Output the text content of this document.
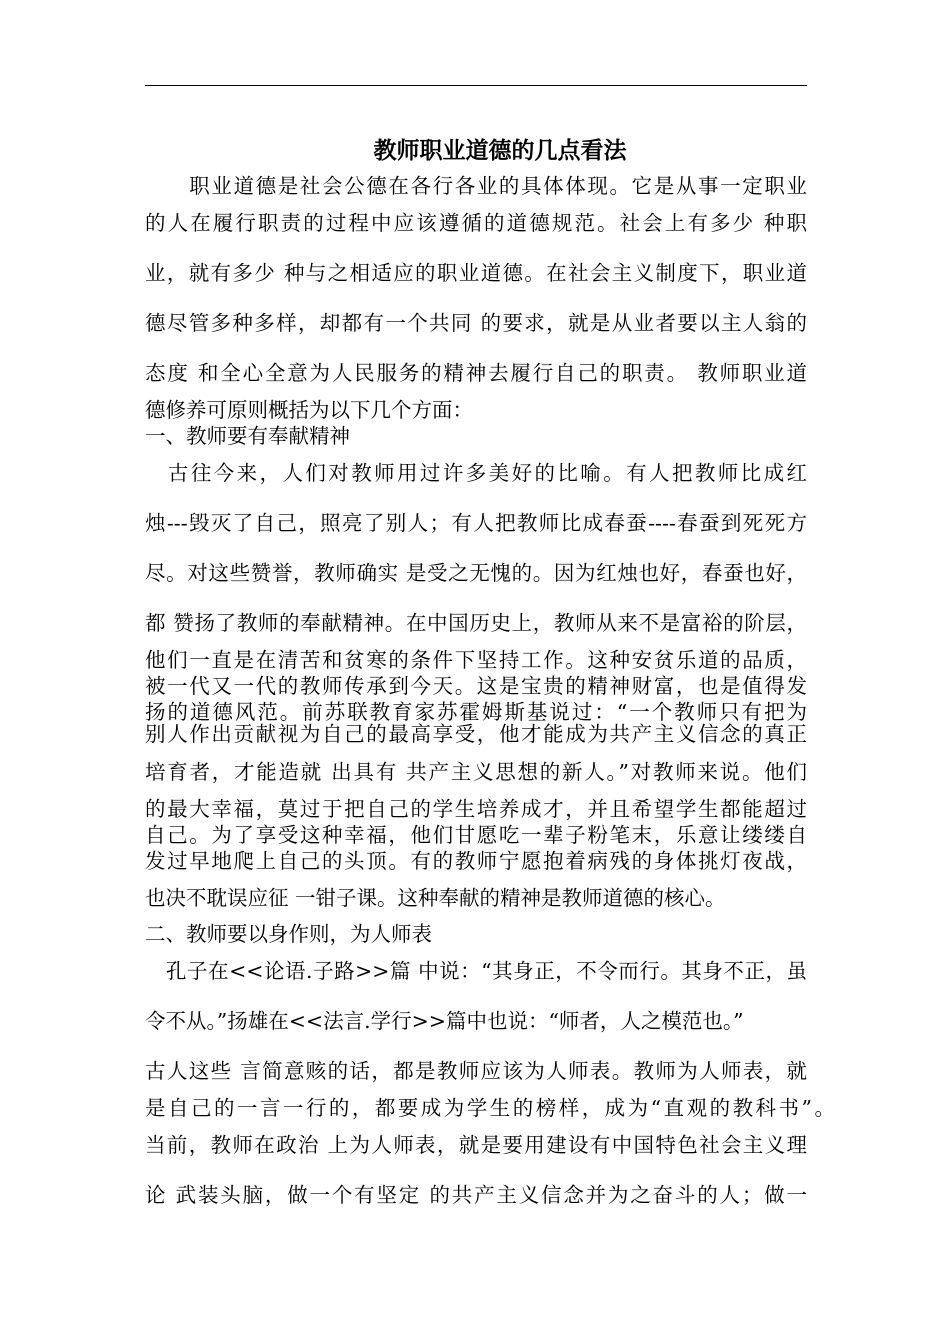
教师职业道德的几点看法
　　职业道德是社会公德在各行各业的具体体现。它是从事一定职业
的人在履行职责的过程中应该遵循的道德规范。社会上有多少 种职
业，就有多少 种与之相适应的职业道德。在社会主义制度下，职业道
德尽管多种多样，却都有一个共同 的要求，就是从业者要以主人翁的
态度 和全心全意为人民服务的精神去履行自己的职责。 教师职业道
德修养可原则概括为以下几个方面：
一、教师要有奉献精神
　古往今来，人们对教师用过许多美好的比喻。有人把教师比成红
烛---毁灭了自己，照亮了别人；有人把教师比成春蚕----春蚕到死死方
尽。对这些赞誉，教师确实 是受之无愧的。因为红烛也好，春蚕也好，
都 赞扬了教师的奉献精神。在中国历史上，教师从来不是富裕的阶层，
他们一直是在清苦和贫寒的条件下坚持工作。这种安贫乐道的品质，
被一代又一代的教师传承到今天。这是宝贵的精神财富，也是值得发
扬的道德风范。前苏联教育家苏霍姆斯基说过：“一个教师只有把为
别人作出贡献视为自己的最高享受，他才能成为共产主义信念的真正
培育者，才能造就 出具有 共产主义思想的新人。”对教师来说。他们
的最大幸福，莫过于把自己的学生培养成才，并且希望学生都能超过
自己。为了享受这种幸福，他们甘愿吃一辈子粉笔末，乐意让缕缕自
发过早地爬上自己的头顶。有的教师宁愿抱着病残的身体挑灯夜战，
也决不耽误应征 一钳子课。这种奉献的精神是教师道德的核心。
二、教师要以身作则，为人师表
　孔子在<<论语.子路>>篇 中说：“其身正，不令而行。其身不正，虽
令不从。”扬雄在<<法言.学行>>篇中也说：“师者，人之模范也。”
古人这些 言简意赅的话，都是教师应该为人师表。教师为人师表，就
是自己的一言一行的，都要成为学生的榜样，成为“直观的教科书”。
当前，教师在政治 上为人师表，就是要用建设有中国特色社会主义理
论 武装头脑，做一个有坚定 的共产主义信念并为之奋斗的人；做一
